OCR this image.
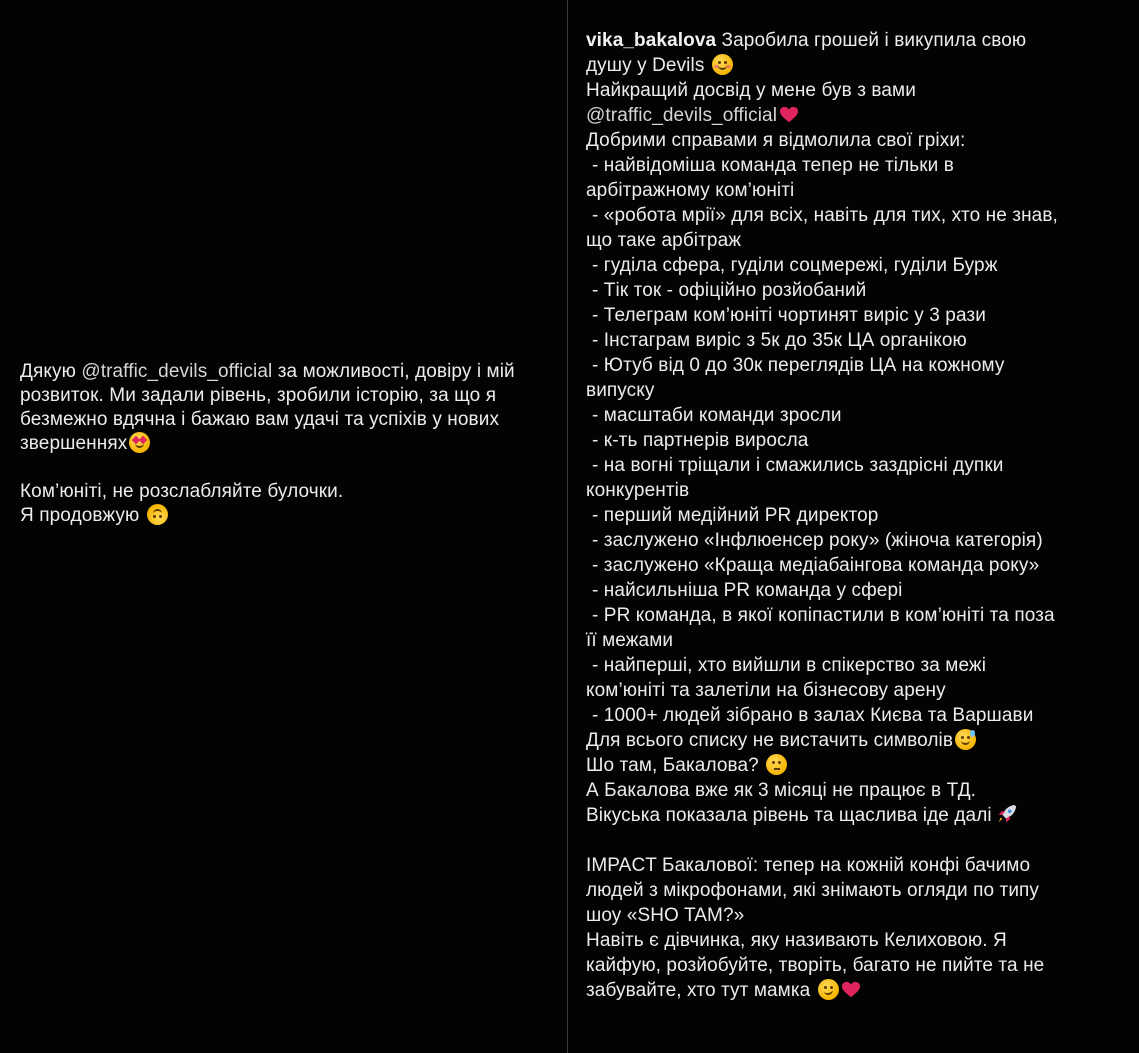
Дякую @traffic_devils_official за можливості, довіру і мій розвиток. Ми задали рівень, зробили історію, за що я безмежно вдячна і бажаю вам удачі та успіхів у нових звершеннях

Ком’юніті, не розслабляйте булочки.
Я продовжую

vika_bakalova Заробила грошей і викупила свою
душу у Devils
Найкращий досвід у мене був з вами
@traffic_devils_official
Добрими справами я відмолила свої гріхи:
- найвідоміша команда тепер не тільки в
арбітражному ком’юніті
- «робота мрії» для всіх, навіть для тих, хто не знав,
що таке арбітраж
- гуділа сфера, гуділи соцмережі, гуділи Бурж
- Тік ток - офіційно розйобаний
- Телеграм ком’юніті чортинят виріс у 3 рази
- Інстаграм виріс з 5к до 35к ЦА органікою
- Ютуб від 0 до 30к переглядів ЦА на кожному
випуску
- масштаби команди зросли
- к-ть партнерів виросла
- на вогні тріщали і смажились заздрісні дупки
конкурентів
- перший медійний PR директор
- заслужено «Інфлюенсер року» (жіноча категорія)
- заслужено «Краща медіабаінгова команда року»
- найсильніша PR команда у сфері
- PR команда, в якої копіпастили в ком’юніті та поза
її межами
- найперші, хто вийшли в спікерство за межі
ком’юніті та залетіли на бізнесову арену
- 1000+ людей зібрано в залах Києва та Варшави
Для всього списку не вистачить символів
Шо там, Бакалова?
А Бакалова вже як 3 місяці не працює в ТД.
Вікуська показала рівень та щаслива іде далі
IMPACT Бакалової: тепер на кожній конфі бачимо
людей з мікрофонами, які знімають огляди по типу
шоу «SHO TAM?»
Навіть є дівчинка, яку називають Келиховою. Я
кайфую, розйобуйте, творіть, багато не пийте та не
забувайте, хто тут мамка
